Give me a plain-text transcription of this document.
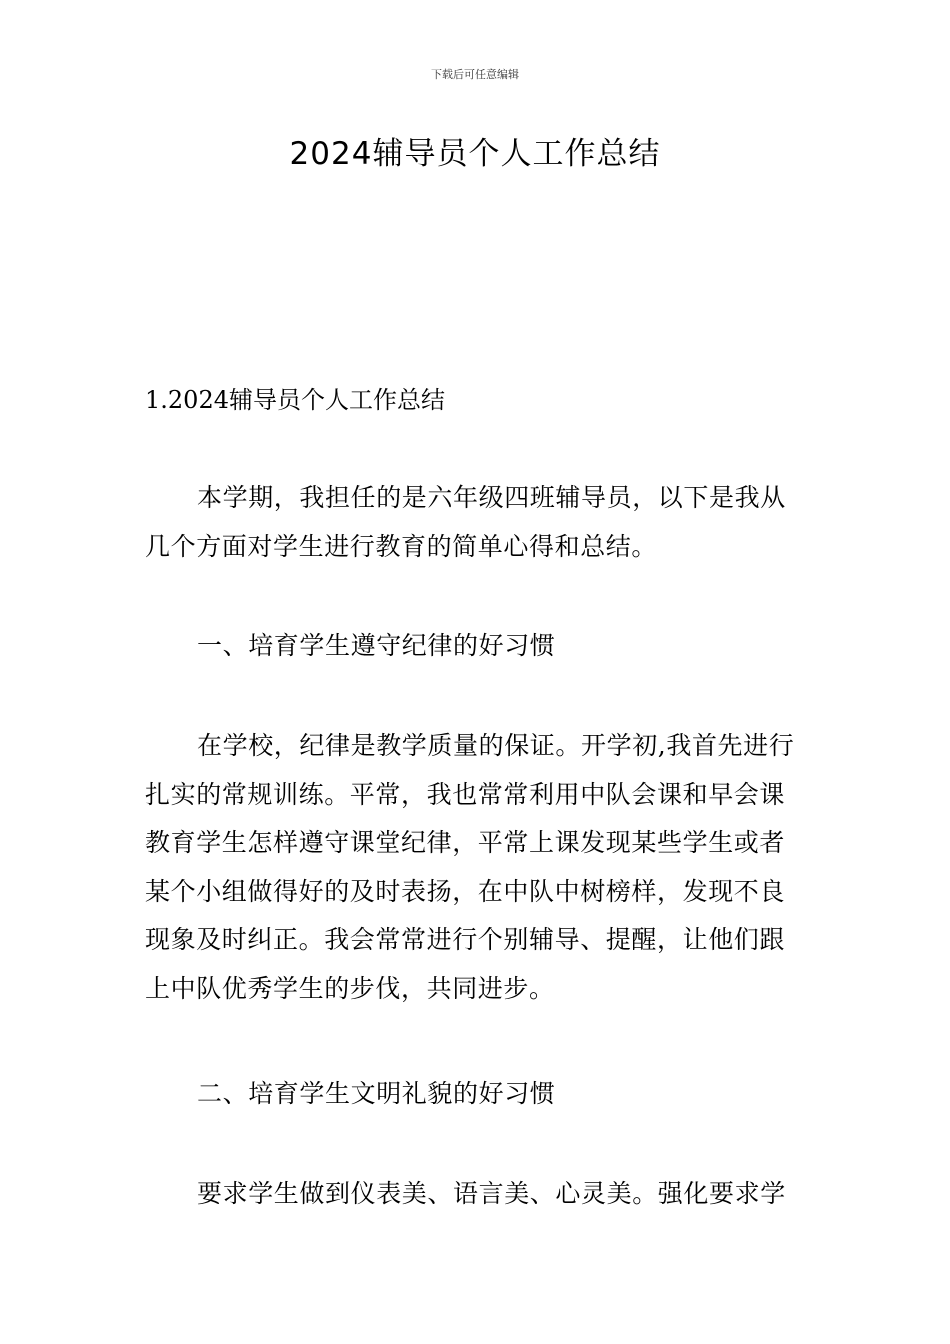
下载后可任意编辑
2024辅导员个人工作总结

1.2024辅导员个人工作总结

本学期，我担任的是六年级四班辅导员，以下是我从几个方面对学生进行教育的简单心得和总结。

一、培育学生遵守纪律的好习惯

在学校，纪律是教学质量的保证。开学初,我首先进行扎实的常规训练。平常，我也常常利用中队会课和早会课教育学生怎样遵守课堂纪律，平常上课发现某些学生或者某个小组做得好的及时表扬，在中队中树榜样，发现不良现象及时纠正。我会常常进行个别辅导、提醒，让他们跟上中队优秀学生的步伐，共同进步。

二、培育学生文明礼貌的好习惯

要求学生做到仪表美、语言美、心灵美。强化要求学
